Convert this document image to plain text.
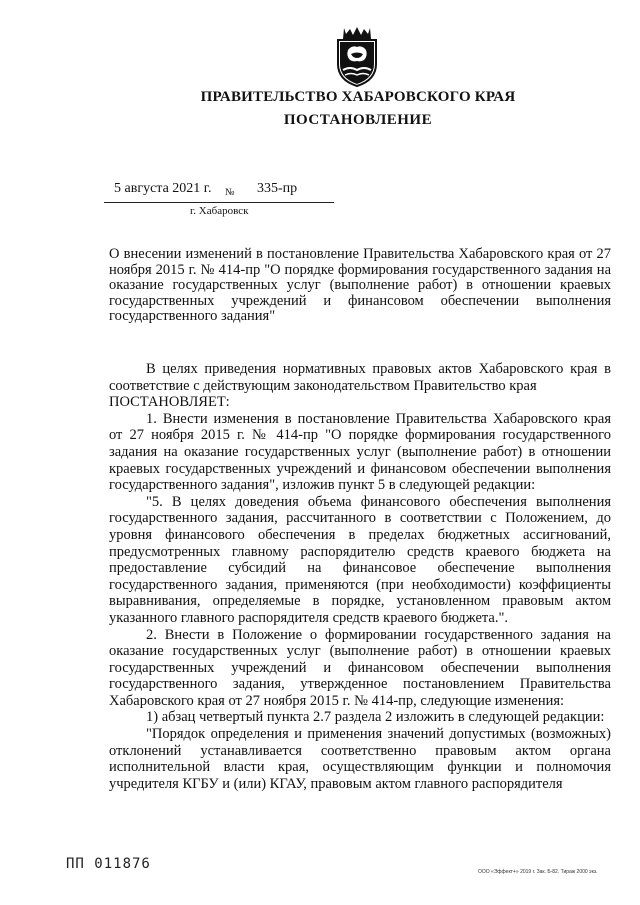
ПРАВИТЕЛЬСТВО ХАБАРОВСКОГО КРАЯ
ПОСТАНОВЛЕНИЕ
5 августа 2021 г. № 335-пр
г. Хабаровск
О внесении изменений в постановление Правительства Хабаровского края от 27 ноября 2015 г. № 414-пр "О порядке формирования государственного задания на оказание государственных услуг (выполнение работ) в отношении краевых государственных учреждений и финансовом обеспечении выполнения государственного задания"

В целях приведения нормативных правовых актов Хабаровского края в соответствие с действующим законодательством Правительство края

ПОСТАНОВЛЯЕТ:

1. Внести изменения в постановление Правительства Хабаровского края от 27 ноября 2015 г. № 414-пр "О порядке формирования государственного задания на оказание государственных услуг (выполнение работ) в отношении краевых государственных учреждений и финансовом обеспечении выполнения государственного задания", изложив пункт 5 в следующей редакции:

"5. В целях доведения объема финансового обеспечения выполнения государственного задания, рассчитанного в соответствии с Положением, до уровня финансового обеспечения в пределах бюджетных ассигнований, предусмотренных главному распорядителю средств краевого бюджета на предоставление субсидий на финансовое обеспечение выполнения государственного задания, применяются (при необходимости) коэффициенты выравнивания, определяемые в порядке, установленном правовым актом указанного главного распорядителя средств краевого бюджета.".

2. Внести в Положение о формировании государственного задания на оказание государственных услуг (выполнение работ) в отношении краевых государственных учреждений и финансовом обеспечении выполнения государственного задания, утвержденное постановлением Правительства Хабаровского края от 27 ноября 2015 г. № 414-пр, следующие изменения:

1) абзац четвертый пункта 2.7 раздела 2 изложить в следующей редакции:

"Порядок определения и применения значений допустимых (возможных) отклонений устанавливается соответственно правовым актом органа исполнительной власти края, осуществляющим функции и полномочия учредителя КГБУ и (или) КГАУ, правовым актом главного распорядителя

ПП 011876	ООО «Эффект+» 2019 г. Зак. Б-82. Тираж 2000 экз.
